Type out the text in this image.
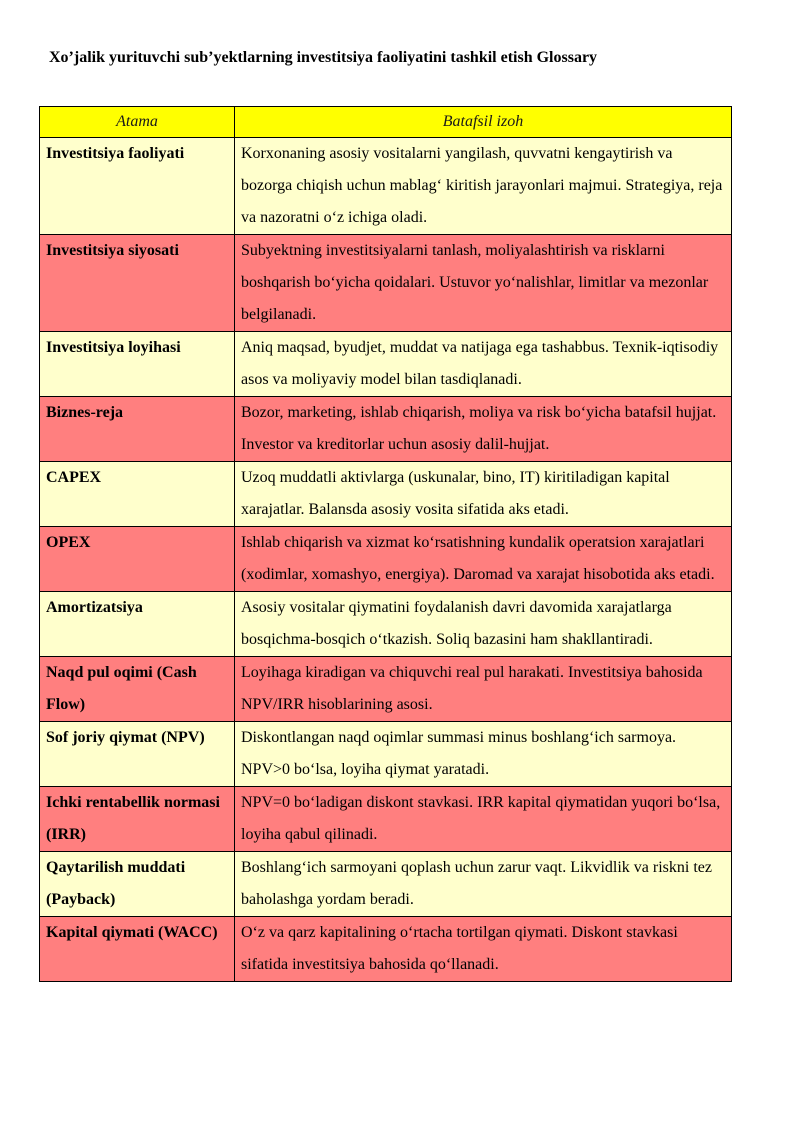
Xo’jalik yurituvchi sub’yektlarning investitsiya faoliyatini tashkil etish Glossary
Atama	Batafsil izoh
Investitsiya faoliyati	Korxonaning asosiy vositalarni yangilash, quvvatni kengaytirish va bozorga chiqish uchun mablag‘ kiritish jarayonlari majmui. Strategiya, reja va nazoratni o‘z ichiga oladi.
Investitsiya siyosati	Subyektning investitsiyalarni tanlash, moliyalashtirish va risklarni boshqarish bo‘yicha qoidalari. Ustuvor yo‘nalishlar, limitlar va mezonlar belgilanadi.
Investitsiya loyihasi	Aniq maqsad, byudjet, muddat va natijaga ega tashabbus. Texnik-iqtisodiy asos va moliyaviy model bilan tasdiqlanadi.
Biznes-reja	Bozor, marketing, ishlab chiqarish, moliya va risk bo‘yicha batafsil hujjat. Investor va kreditorlar uchun asosiy dalil-hujjat.
CAPEX	Uzoq muddatli aktivlarga (uskunalar, bino, IT) kiritiladigan kapital xarajatlar. Balansda asosiy vosita sifatida aks etadi.
OPEX	Ishlab chiqarish va xizmat ko‘rsatishning kundalik operatsion xarajatlari (xodimlar, xomashyo, energiya). Daromad va xarajat hisobotida aks etadi.
Amortizatsiya	Asosiy vositalar qiymatini foydalanish davri davomida xarajatlarga bosqichma-bosqich o‘tkazish. Soliq bazasini ham shakllantiradi.
Naqd pul oqimi (Cash Flow)	Loyihaga kiradigan va chiquvchi real pul harakati. Investitsiya bahosida NPV/IRR hisoblarining asosi.
Sof joriy qiymat (NPV)	Diskontlangan naqd oqimlar summasi minus boshlang‘ich sarmoya. NPV>0 bo‘lsa, loyiha qiymat yaratadi.
Ichki rentabellik normasi (IRR)	NPV=0 bo‘ladigan diskont stavkasi. IRR kapital qiymatidan yuqori bo‘lsa, loyiha qabul qilinadi.
Qaytarilish muddati (Payback)	Boshlang‘ich sarmoyani qoplash uchun zarur vaqt. Likvidlik va riskni tez baholashga yordam beradi.
Kapital qiymati (WACC)	O‘z va qarz kapitalining o‘rtacha tortilgan qiymati. Diskont stavkasi sifatida investitsiya bahosida qo‘llanadi.
